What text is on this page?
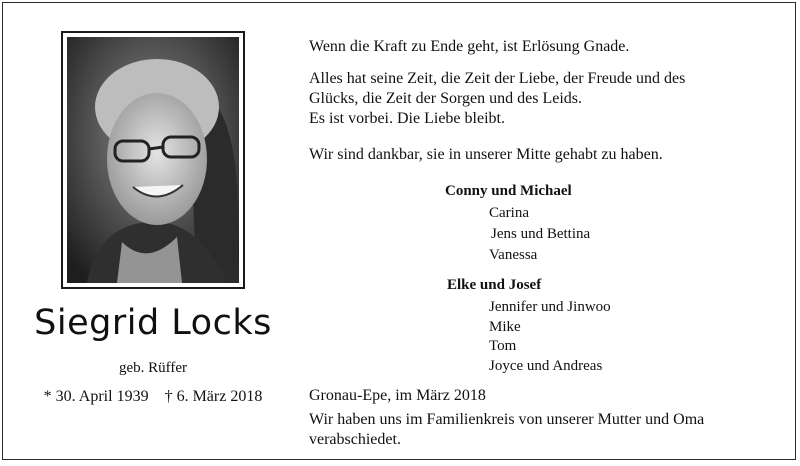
Siegrid Locks
geb. Rüffer
* 30. April 1939 † 6. März 2018

Wenn die Kraft zu Ende geht, ist Erlösung Gnade.

Alles hat seine Zeit, die Zeit der Liebe, der Freude und des
Glücks, die Zeit der Sorgen und des Leids.
Es ist vorbei. Die Liebe bleibt.

Wir sind dankbar, sie in unserer Mitte gehabt zu haben.

Conny und Michael
Carina
Jens und Bettina
Vanessa
Elke und Josef
Jennifer und Jinwoo
Mike
Tom
Joyce und Andreas
Gronau-Epe, im März 2018
Wir haben uns im Familienkreis von unserer Mutter und Oma verabschiedet.
